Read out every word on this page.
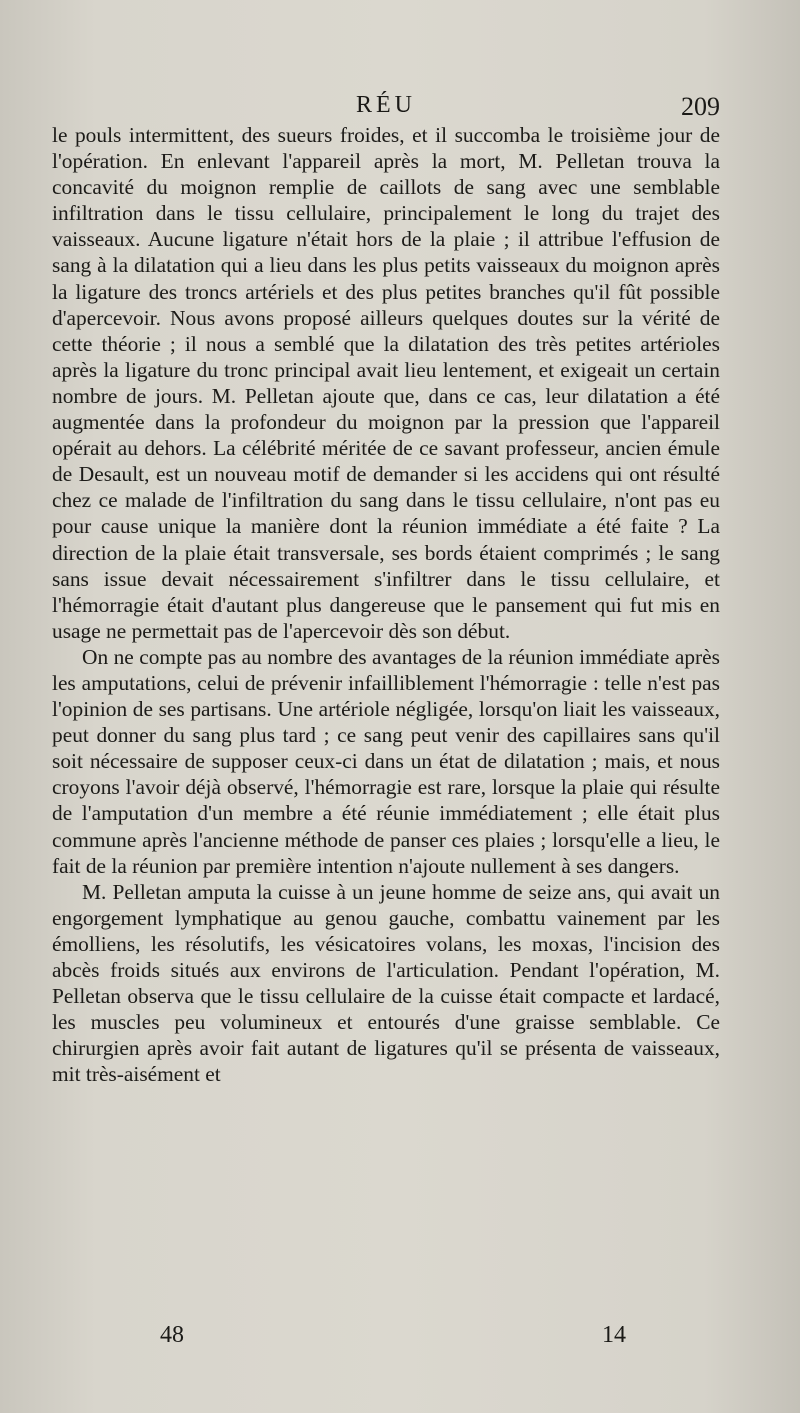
RÉU	209

le pouls intermittent, des sueurs froides, et il succomba le troisième jour de l'opération. En enlevant l'appareil après la mort, M. Pelletan trouva la concavité du moignon remplie de caillots de sang avec une semblable infiltration dans le tissu cellulaire, principalement le long du trajet des vaisseaux. Aucune ligature n'était hors de la plaie ; il attribue l'effusion de sang à la dilatation qui a lieu dans les plus petits vaisseaux du moignon après la ligature des troncs artériels et des plus petites branches qu'il fût possible d'apercevoir. Nous avons proposé ailleurs quelques doutes sur la vérité de cette théorie ; il nous a semblé que la dilatation des très petites artérioles après la ligature du tronc principal avait lieu lentement, et exigeait un certain nombre de jours. M. Pelletan ajoute que, dans ce cas, leur dilatation a été augmentée dans la profondeur du moignon par la pression que l'appareil opérait au dehors. La célébrité méritée de ce savant professeur, ancien émule de Desault, est un nouveau motif de demander si les accidens qui ont résulté chez ce malade de l'infiltration du sang dans le tissu cellulaire, n'ont pas eu pour cause unique la manière dont la réunion immédiate a été faite ? La direction de la plaie était transversale, ses bords étaient comprimés ; le sang sans issue devait nécessairement s'infiltrer dans le tissu cellulaire, et l'hémorragie était d'autant plus dangereuse que le pansement qui fut mis en usage ne permettait pas de l'apercevoir dès son début.

On ne compte pas au nombre des avantages de la réunion immédiate après les amputations, celui de prévenir infailliblement l'hémorragie : telle n'est pas l'opinion de ses partisans. Une artériole négligée, lorsqu'on liait les vaisseaux, peut donner du sang plus tard ; ce sang peut venir des capillaires sans qu'il soit nécessaire de supposer ceux-ci dans un état de dilatation ; mais, et nous croyons l'avoir déjà observé, l'hémorragie est rare, lorsque la plaie qui résulte de l'amputation d'un membre a été réunie immédiatement ; elle était plus commune après l'ancienne méthode de panser ces plaies ; lorsqu'elle a lieu, le fait de la réunion par première intention n'ajoute nullement à ses dangers.

M. Pelletan amputa la cuisse à un jeune homme de seize ans, qui avait un engorgement lymphatique au genou gauche, combattu vainement par les émolliens, les résolutifs, les vésicatoires volans, les moxas, l'incision des abcès froids situés aux environs de l'articulation. Pendant l'opération, M. Pelletan observa que le tissu cellulaire de la cuisse était compacte et lardacé, les muscles peu volumineux et entourés d'une graisse semblable. Ce chirurgien après avoir fait autant de ligatures qu'il se présenta de vaisseaux, mit très-aisément et

48	14
